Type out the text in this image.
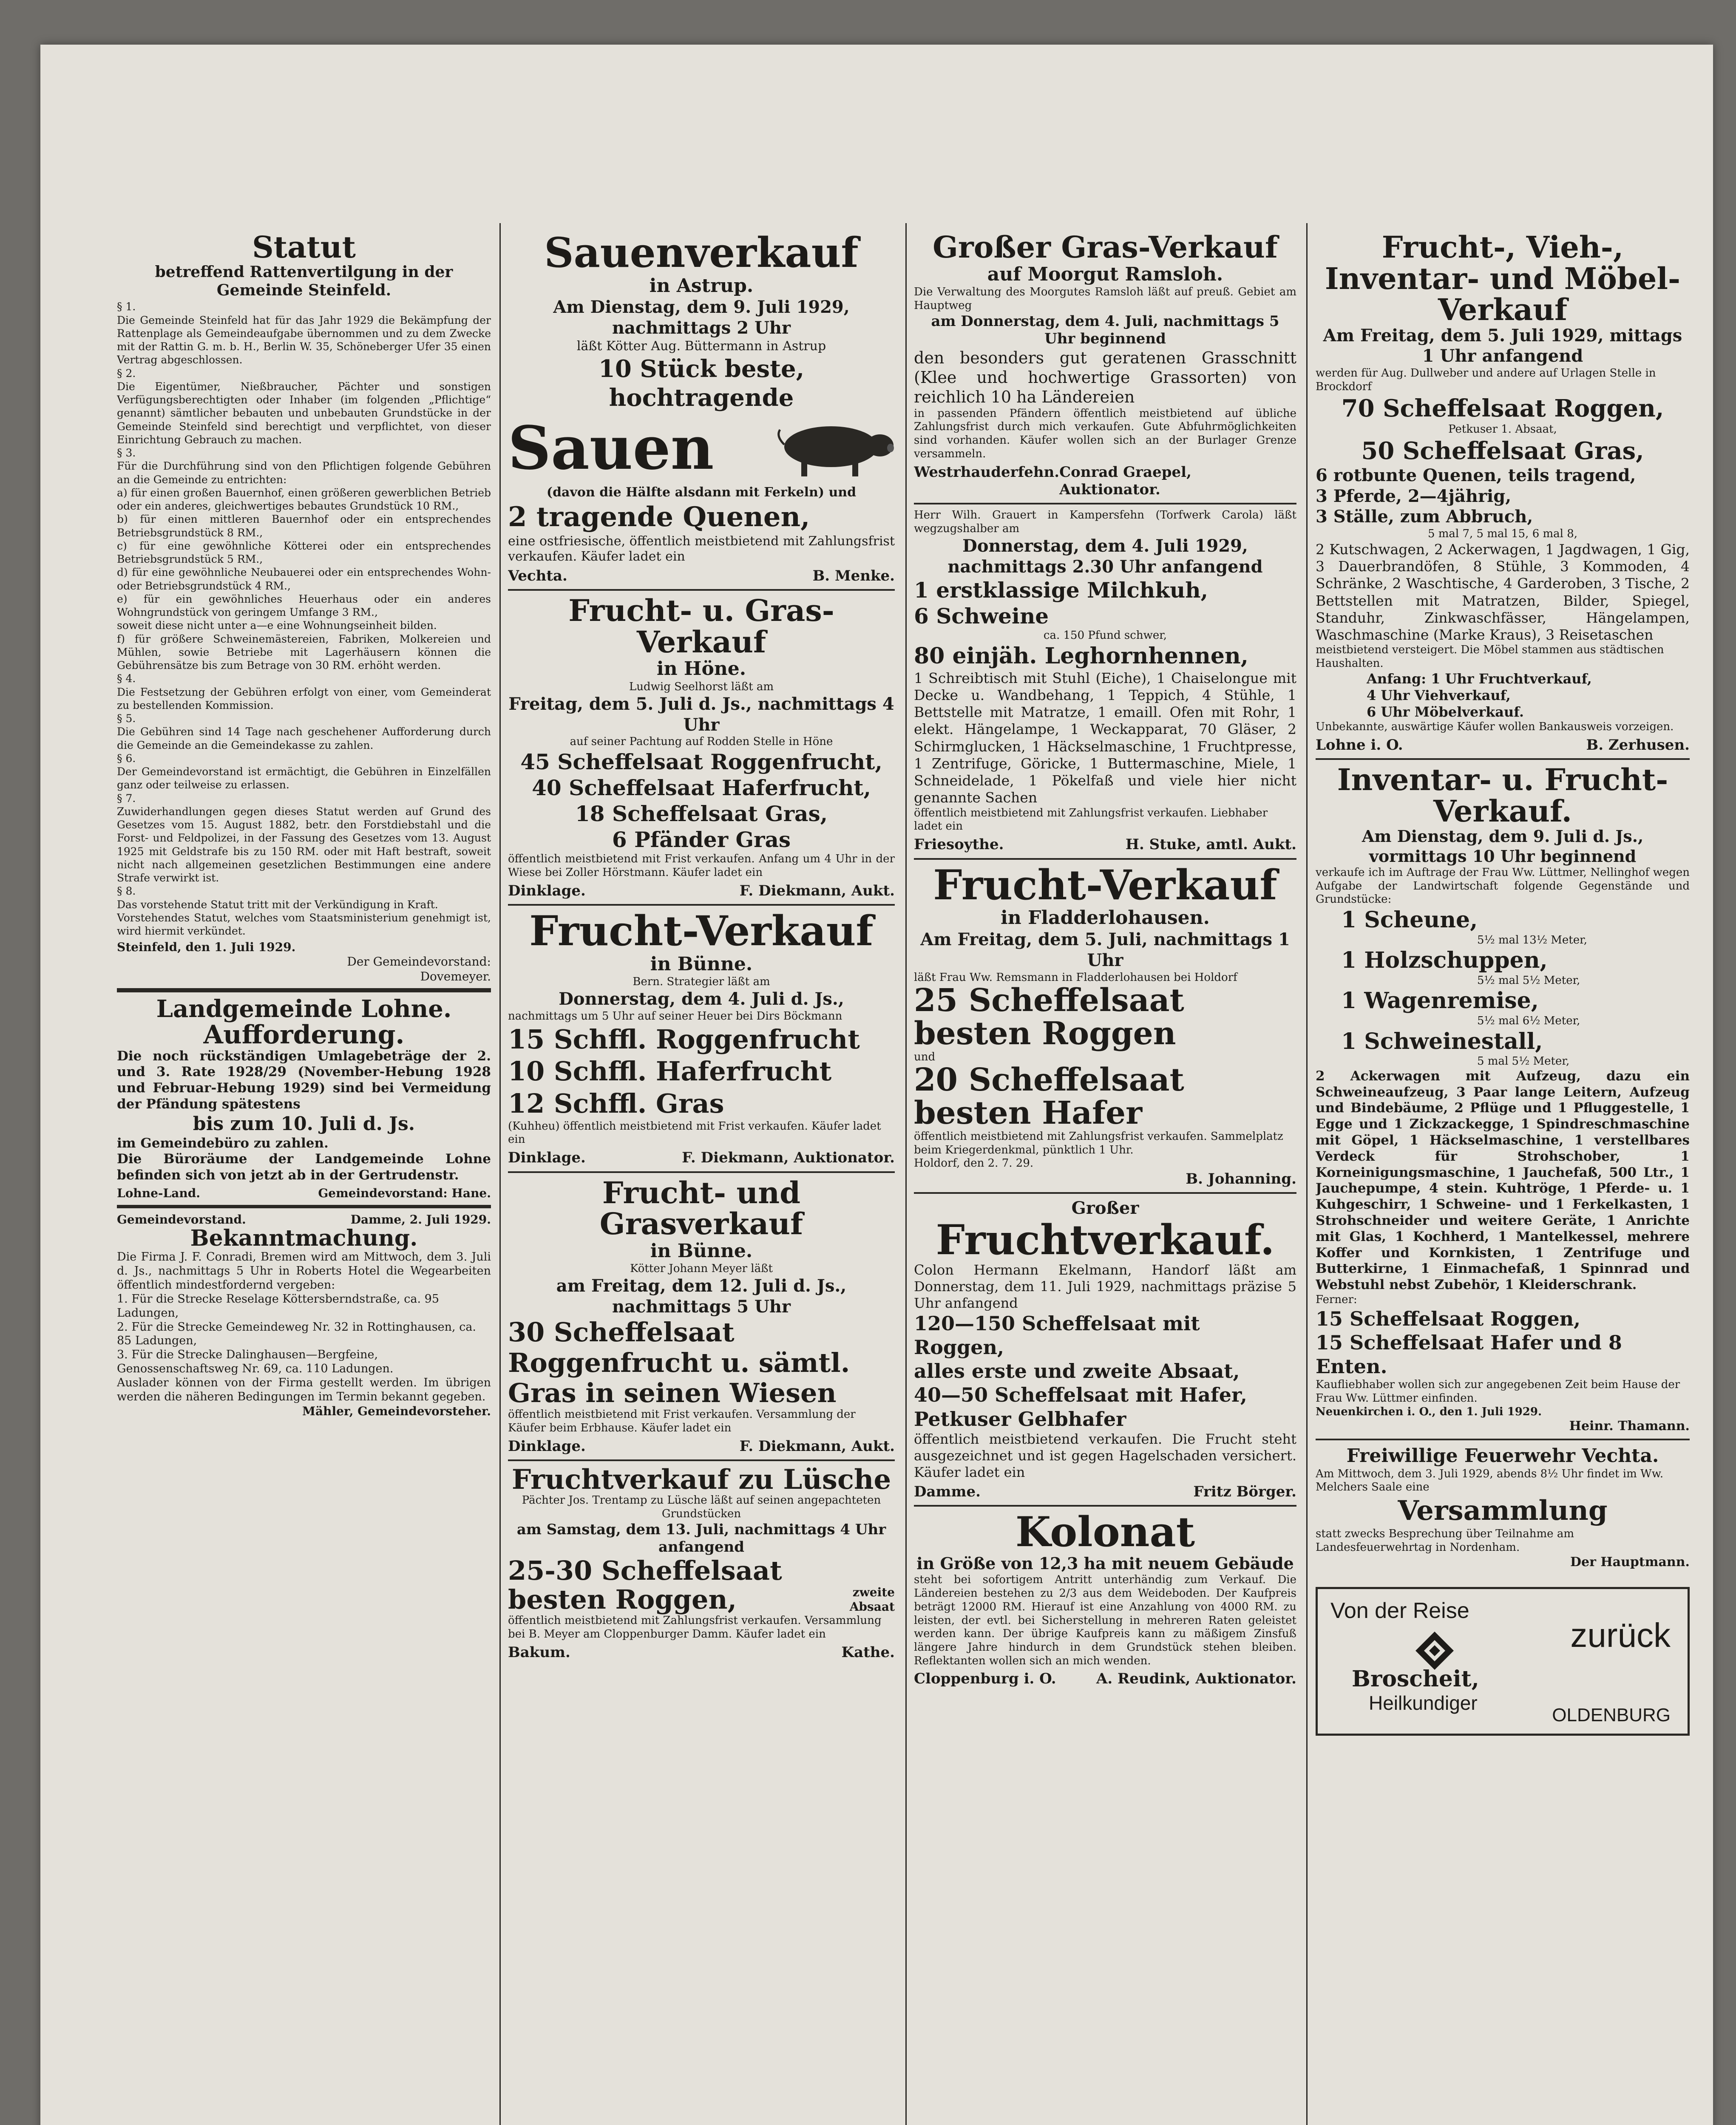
Statut
betreffend Rattenvertilgung in der Gemeinde Steinfeld.
§ 1.
Die Gemeinde Steinfeld hat für das Jahr 1929 die Bekämpfung der Rattenplage als Gemeindeaufgabe übernommen und zu dem Zwecke mit der Rattin G. m. b. H., Berlin W. 35, Schöneberger Ufer 35 einen Vertrag abgeschlossen.
§ 2.
Die Eigentümer, Nießbraucher, Pächter und sonstigen Verfügungsberechtigten oder Inhaber (im folgenden „Pflichtige“ genannt) sämtlicher bebauten und unbebauten Grundstücke in der Gemeinde Steinfeld sind berechtigt und verpflichtet, von dieser Einrichtung Gebrauch zu machen.
§ 3.
Für die Durchführung sind von den Pflichtigen folgende Gebühren an die Gemeinde zu entrichten:
a) für einen großen Bauernhof, einen größeren gewerblichen Betrieb oder ein anderes, gleichwertiges bebautes Grundstück 10 RM.,
b) für einen mittleren Bauernhof oder ein entsprechendes Betriebsgrundstück 8 RM.,
c) für eine gewöhnliche Kötterei oder ein entsprechendes Betriebsgrundstück 5 RM.,
d) für eine gewöhnliche Neubauerei oder ein entsprechendes Wohn- oder Betriebsgrundstück 4 RM.,
e) für ein gewöhnliches Heuerhaus oder ein anderes Wohngrundstück von geringem Umfange 3 RM.,
soweit diese nicht unter a—e eine Wohnungseinheit bilden.
f) für größere Schweinemästereien, Fabriken, Molkereien und Mühlen, sowie Betriebe mit Lagerhäusern können die Gebührensätze bis zum Betrage von 30 RM. erhöht werden.
§ 4.
Die Festsetzung der Gebühren erfolgt von einer, vom Gemeinderat zu bestellenden Kommission.
§ 5.
Die Gebühren sind 14 Tage nach geschehener Aufforderung durch die Gemeinde an die Gemeindekasse zu zahlen.
§ 6.
Der Gemeindevorstand ist ermächtigt, die Gebühren in Einzelfällen ganz oder teilweise zu erlassen.
§ 7.
Zuwiderhandlungen gegen dieses Statut werden auf Grund des Gesetzes vom 15. August 1882, betr. den Forstdiebstahl und die Forst- und Feldpolizei, in der Fassung des Gesetzes vom 13. August 1925 mit Geldstrafe bis zu 150 RM. oder mit Haft bestraft, soweit nicht nach allgemeinen gesetzlichen Bestimmungen eine andere Strafe verwirkt ist.
§ 8.
Das vorstehende Statut tritt mit der Verkündigung in Kraft.
Vorstehendes Statut, welches vom Staatsministerium genehmigt ist, wird hiermit verkündet.
Steinfeld, den 1. Juli 1929.
Der Gemeindevorstand:
Dovemeyer.
Landgemeinde Lohne.
Aufforderung.
Die noch rückständigen Umlagebeträge der 2. und 3. Rate 1928/29 (November-Hebung 1928 und Februar-Hebung 1929) sind bei Vermeidung der Pfändung spätestens
bis zum 10. Juli d. Js.
im Gemeindebüro zu zahlen.
Die Büroräume der Landgemeinde Lohne befinden sich von jetzt ab in der Gertrudenstr.
Lohne-Land.	Gemeindevorstand: Hane.
Gemeindevorstand.	Damme, 2. Juli 1929.
Bekanntmachung.
Die Firma J. F. Conradi, Bremen wird am Mittwoch, dem 3. Juli d. Js., nachmittags 5 Uhr in Roberts Hotel die Wegearbeiten öffentlich mindestfordernd vergeben:
1. Für die Strecke Reselage Köttersberndstraße, ca. 95 Ladungen,
2. Für die Strecke Gemeindeweg Nr. 32 in Rottinghausen, ca. 85 Ladungen,
3. Für die Strecke Dalinghausen—Bergfeine, Genossenschaftsweg Nr. 69, ca. 110 Ladungen.
Auslader können von der Firma gestellt werden. Im übrigen werden die näheren Bedingungen im Termin bekannt gegeben.
Mähler, Gemeindevorsteher.
Sauenverkauf
in Astrup.
Am Dienstag, dem 9. Juli 1929, nachmittags 2 Uhr
läßt Kötter Aug. Büttermann in Astrup
10 Stück beste, hochtragende
Sauen
(davon die Hälfte alsdann mit Ferkeln) und
2 tragende Quenen,
eine ostfriesische, öffentlich meistbietend mit Zahlungsfrist verkaufen. Käufer ladet ein
Vechta.	B. Menke.
Frucht- u. Gras-Verkauf
in Höne.
Ludwig Seelhorst läßt am
Freitag, dem 5. Juli d. Js., nachmittags 4 Uhr
auf seiner Pachtung auf Rodden Stelle in Höne
45 Scheffelsaat Roggenfrucht,
40 Scheffelsaat Haferfrucht,
18 Scheffelsaat Gras,
6 Pfänder Gras
öffentlich meistbietend mit Frist verkaufen. Anfang um 4 Uhr in der Wiese bei Zoller Hörstmann. Käufer ladet ein
Dinklage.	F. Diekmann, Aukt.
Frucht-Verkauf
in Bünne.
Bern. Strategier läßt am
Donnerstag, dem 4. Juli d. Js.,
nachmittags um 5 Uhr auf seiner Heuer bei Dirs Böckmann
15 Schffl. Roggenfrucht
10 Schffl. Haferfrucht
12 Schffl. Gras
(Kuhheu) öffentlich meistbietend mit Frist verkaufen. Käufer ladet ein
Dinklage.	F. Diekmann, Auktionator.
Frucht- und Grasverkauf
in Bünne.
Kötter Johann Meyer läßt
am Freitag, dem 12. Juli d. Js., nachmittags 5 Uhr
30 Scheffelsaat Roggenfrucht u. sämtl. Gras in seinen Wiesen
öffentlich meistbietend mit Frist verkaufen. Versammlung der Käufer beim Erbhause. Käufer ladet ein
Dinklage.	F. Diekmann, Aukt.
Fruchtverkauf zu Lüsche
Pächter Jos. Trentamp zu Lüsche läßt auf seinen angepachteten Grundstücken
am Samstag, dem 13. Juli, nachmittags 4 Uhr anfangend
25-30 Scheffelsaat besten Roggen,	zweite Absaat
öffentlich meistbietend mit Zahlungsfrist verkaufen. Versammlung bei B. Meyer am Cloppenburger Damm. Käufer ladet ein
Bakum.	Kathe.
Großer Gras-Verkauf
auf Moorgut Ramsloh.
Die Verwaltung des Moorgutes Ramsloh läßt auf preuß. Gebiet am Hauptweg
am Donnerstag, dem 4. Juli, nachmittags 5 Uhr beginnend
den besonders gut geratenen Grasschnitt (Klee und hochwertige Grassorten) von reichlich 10 ha Ländereien
in passenden Pfändern öffentlich meistbietend auf übliche Zahlungsfrist durch mich verkaufen. Gute Abfuhrmöglichkeiten sind vorhanden. Käufer wollen sich an der Burlager Grenze versammeln.
Westrhauderfehn. Conrad Graepel, Auktionator.
Herr Wilh. Grauert in Kampersfehn (Torfwerk Carola) läßt wegzugshalber am
Donnerstag, dem 4. Juli 1929, nachmittags 2.30 Uhr anfangend
1 erstklassige Milchkuh,
6 Schweine
ca. 150 Pfund schwer,
80 einjäh. Leghornhennen,
1 Schreibtisch mit Stuhl (Eiche), 1 Chaiselongue mit Decke u. Wandbehang, 1 Teppich, 4 Stühle, 1 Bettstelle mit Matratze, 1 emaill. Ofen mit Rohr, 1 elekt. Hängelampe, 1 Weckapparat, 70 Gläser, 2 Schirmglucken, 1 Häckselmaschine, 1 Fruchtpresse, 1 Zentrifuge, Göricke, 1 Buttermaschine, Miele, 1 Schneidelade, 1 Pökelfaß und viele hier nicht genannte Sachen
öffentlich meistbietend mit Zahlungsfrist verkaufen. Liebhaber ladet ein
Friesoythe.	H. Stuke, amtl. Aukt.
Frucht-Verkauf
in Fladderlohausen.
Am Freitag, dem 5. Juli, nachmittags 1 Uhr
läßt Frau Ww. Remsmann in Fladderlohausen bei Holdorf
25 Scheffelsaat besten Roggen
und
20 Scheffelsaat besten Hafer
öffentlich meistbietend mit Zahlungsfrist verkaufen. Sammelplatz beim Kriegerdenkmal, pünktlich 1 Uhr.
Holdorf, den 2. 7. 29.
B. Johanning.
Großer
Fruchtverkauf.
Colon Hermann Ekelmann, Handorf läßt am Donnerstag, dem 11. Juli 1929, nachmittags präzise 5 Uhr anfangend
120—150 Scheffelsaat mit Roggen,
alles erste und zweite Absaat,
40—50 Scheffelsaat mit Hafer,
Petkuser Gelbhafer
öffentlich meistbietend verkaufen. Die Frucht steht ausgezeichnet und ist gegen Hagelschaden versichert. Käufer ladet ein
Damme.	Fritz Börger.
Kolonat
in Größe von 12,3 ha mit neuem Gebäude
steht bei sofortigem Antritt unterhändig zum Verkauf. Die Ländereien bestehen zu 2/3 aus dem Weideboden. Der Kaufpreis beträgt 12000 RM. Hierauf ist eine Anzahlung von 4000 RM. zu leisten, der evtl. bei Sicherstellung in mehreren Raten geleistet werden kann. Der übrige Kaufpreis kann zu mäßigem Zinsfuß längere Jahre hindurch in dem Grundstück stehen bleiben. Reflektanten wollen sich an mich wenden.
Cloppenburg i. O.	A. Reudink, Auktionator.
Frucht-, Vieh-, Inventar- und Möbel-Verkauf
Am Freitag, dem 5. Juli 1929, mittags 1 Uhr anfangend
werden für Aug. Dullweber und andere auf Urlagen Stelle in Brockdorf
70 Scheffelsaat Roggen,
Petkuser 1. Absaat,
50 Scheffelsaat Gras,
6 rotbunte Quenen, teils tragend,
3 Pferde, 2—4jährig,
3 Ställe, zum Abbruch,
5 mal 7, 5 mal 15, 6 mal 8,
2 Kutschwagen, 2 Ackerwagen, 1 Jagdwagen, 1 Gig, 3 Dauerbrandöfen, 8 Stühle, 3 Kommoden, 4 Schränke, 2 Waschtische, 4 Garderoben, 3 Tische, 2 Bettstellen mit Matratzen, Bilder, Spiegel, Standuhr, Zinkwaschfässer, Hängelampen, Waschmaschine (Marke Kraus), 3 Reisetaschen
meistbietend versteigert. Die Möbel stammen aus städtischen Haushalten.
Anfang: 1 Uhr Fruchtverkauf,
4 Uhr Viehverkauf,
6 Uhr Möbelverkauf.
Unbekannte, auswärtige Käufer wollen Bankausweis vorzeigen.
Lohne i. O.	B. Zerhusen.
Inventar- u. Frucht-Verkauf.
Am Dienstag, dem 9. Juli d. Js., vormittags 10 Uhr beginnend
verkaufe ich im Auftrage der Frau Ww. Lüttmer, Nellinghof wegen Aufgabe der Landwirtschaft folgende Gegenstände und Grundstücke:
1 Scheune,
5½ mal 13½ Meter,
1 Holzschuppen,
5½ mal 5½ Meter,
1 Wagenremise,
5½ mal 6½ Meter,
1 Schweinestall,
5 mal 5½ Meter,
2 Ackerwagen mit Aufzeug, dazu ein Schweineaufzeug, 3 Paar lange Leitern, Aufzeug und Bindebäume, 2 Pflüge und 1 Pfluggestelle, 1 Egge und 1 Zickzackegge, 1 Spindreschmaschine mit Göpel, 1 Häckselmaschine, 1 verstellbares Verdeck für Strohschober, 1 Korneinigungsmaschine, 1 Jauchefaß, 500 Ltr., 1 Jauchepumpe, 4 stein. Kuhtröge, 1 Pferde- u. 1 Kuhgeschirr, 1 Schweine- und 1 Ferkelkasten, 1 Strohschneider und weitere Geräte, 1 Anrichte mit Glas, 1 Kochherd, 1 Mantelkessel, mehrere Koffer und Kornkisten, 1 Zentrifuge und Butterkirne, 1 Einmachefaß, 1 Spinnrad und Webstuhl nebst Zubehör, 1 Kleiderschrank.
Ferner:
15 Scheffelsaat Roggen,
15 Scheffelsaat Hafer und 8 Enten.
Kaufliebhaber wollen sich zur angegebenen Zeit beim Hause der Frau Ww. Lüttmer einfinden.
Neuenkirchen i. O., den 1. Juli 1929.
Heinr. Thamann.
Freiwillige Feuerwehr Vechta.
Am Mittwoch, dem 3. Juli 1929, abends 8½ Uhr findet im Ww. Melchers Saale eine
Versammlung
statt zwecks Besprechung über Teilnahme am Landesfeuerwehrtag in Nordenham.
Der Hauptmann.
Von der Reise
zurück
Broscheit,
Heilkundiger
OLDENBURG
